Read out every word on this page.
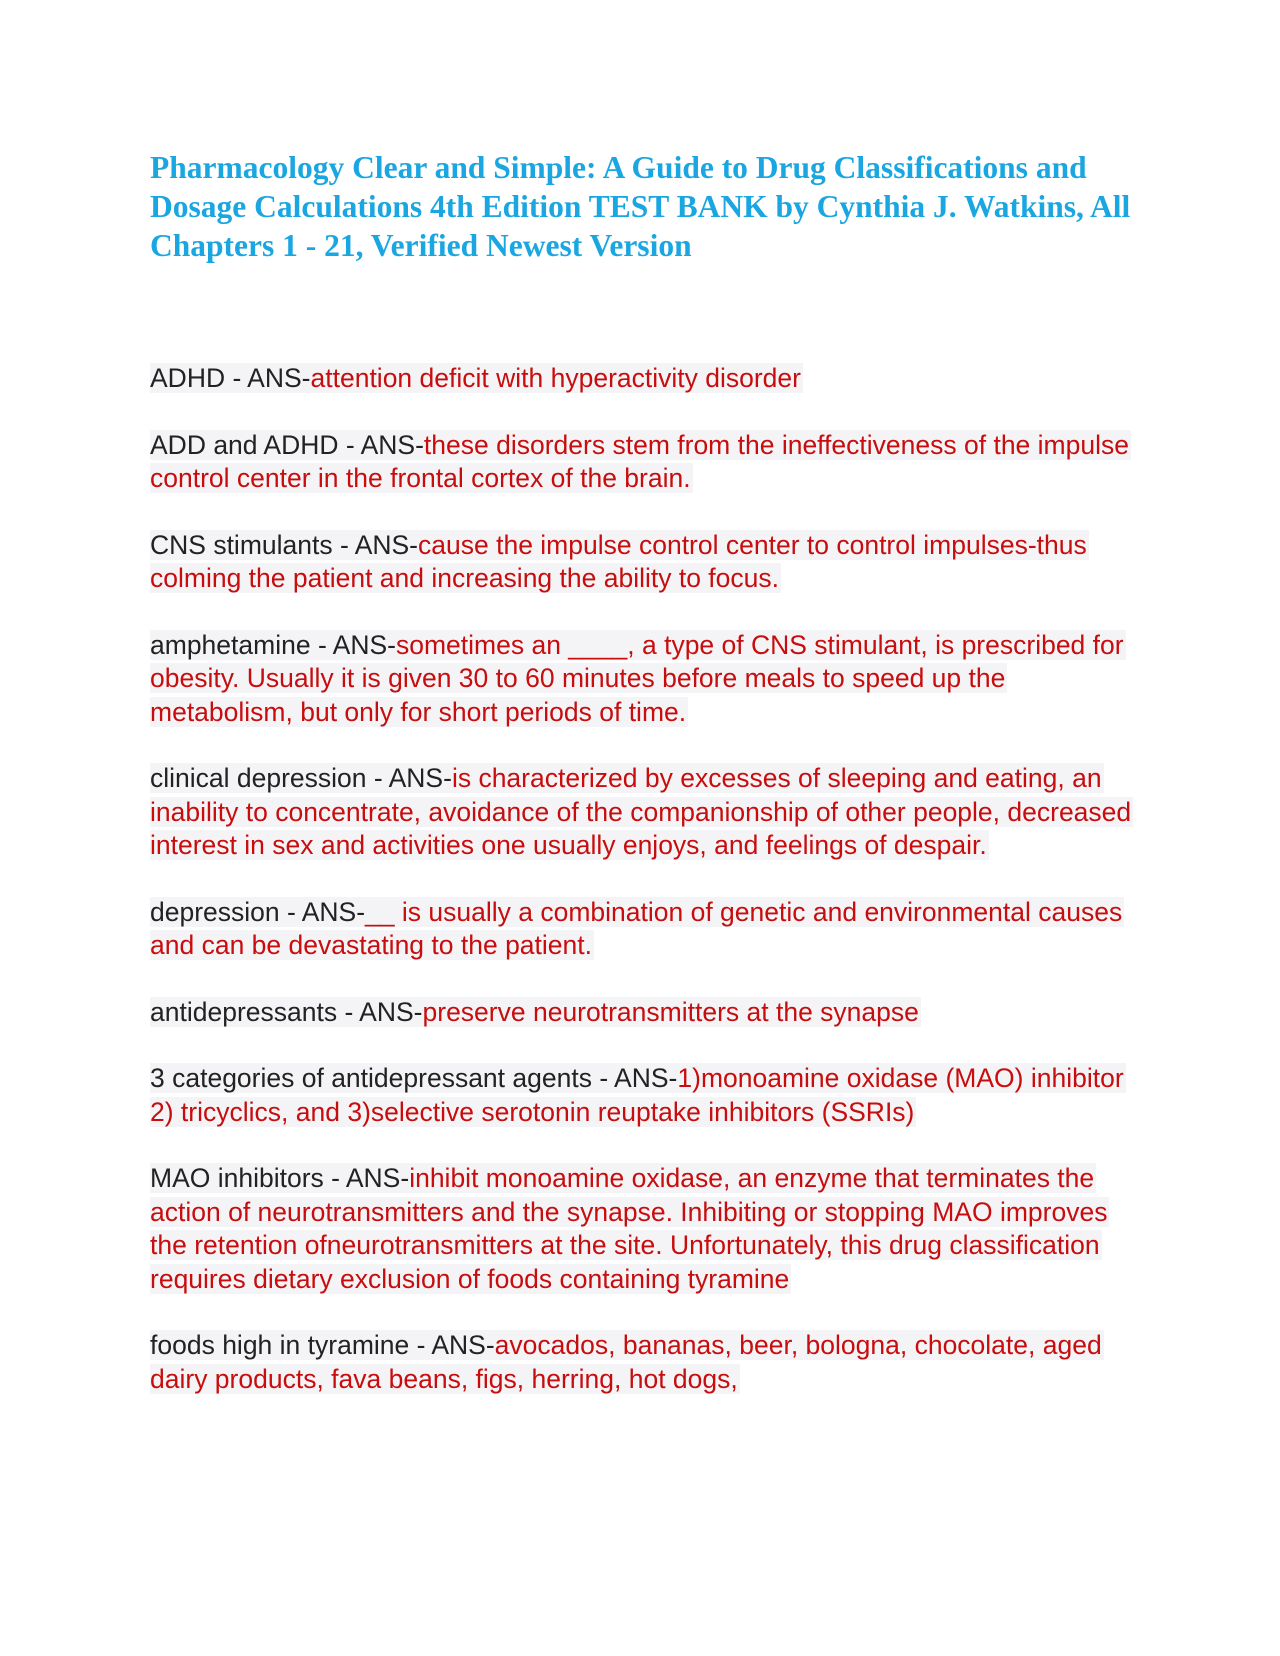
Pharmacology Clear and Simple: A Guide to Drug Classifications and Dosage Calculations 4th Edition TEST BANK by Cynthia J. Watkins, All Chapters 1 - 21, Verified Newest Version

ADHD - ANS-attention deficit with hyperactivity disorder

ADD and ADHD - ANS-these disorders stem from the ineffectiveness of the impulse control center in the frontal cortex of the brain.

CNS stimulants - ANS-cause the impulse control center to control impulses-thus colming the patient and increasing the ability to focus.

amphetamine - ANS-sometimes an ____, a type of CNS stimulant, is prescribed for obesity. Usually it is given 30 to 60 minutes before meals to speed up the metabolism, but only for short periods of time.

clinical depression - ANS-is characterized by excesses of sleeping and eating, an inability to concentrate, avoidance of the companionship of other people, decreased interest in sex and activities one usually enjoys, and feelings of despair.

depression - ANS-__ is usually a combination of genetic and environmental causes and can be devastating to the patient.

antidepressants - ANS-preserve neurotransmitters at the synapse

3 categories of antidepressant agents - ANS-1)monoamine oxidase (MAO) inhibitor 2) tricyclics, and 3)selective serotonin reuptake inhibitors (SSRIs)

MAO inhibitors - ANS-inhibit monoamine oxidase, an enzyme that terminates the action of neurotransmitters and the synapse. Inhibiting or stopping MAO improves the retention ofneurotransmitters at the site. Unfortunately, this drug classification requires dietary exclusion of foods containing tyramine

foods high in tyramine - ANS-avocados, bananas, beer, bologna, chocolate, aged dairy products, fava beans, figs, herring, hot dogs,
